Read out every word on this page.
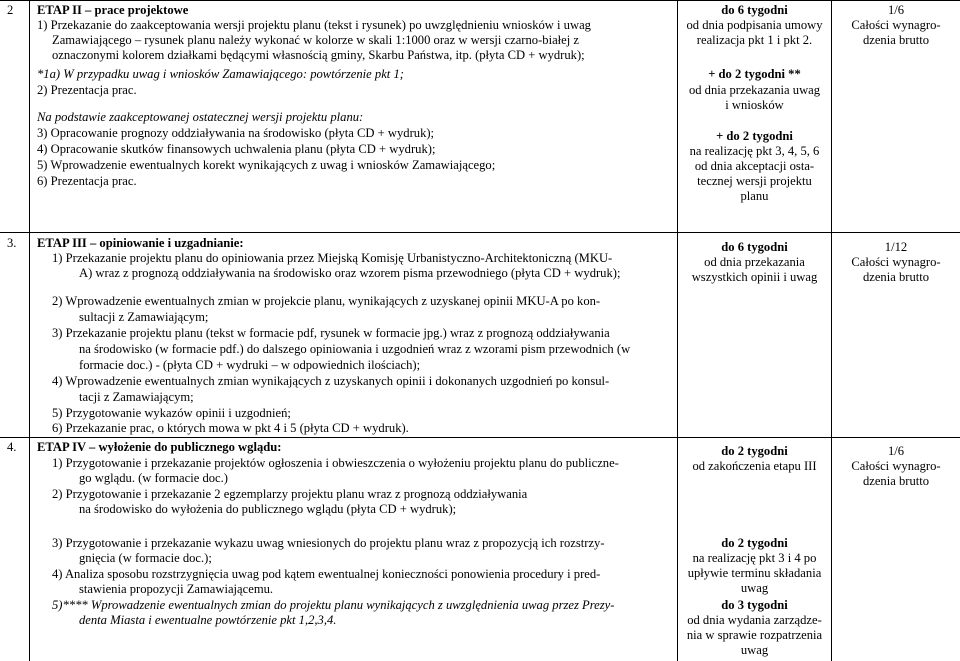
2 ETAP II – prace projektowe
1) Przekazanie do zaakceptowania wersji projektu planu (tekst i rysunek) po uwzględnieniu wniosków i uwag
Zamawiającego – rysunek planu należy wykonać w kolorze w skali 1:1000 oraz w wersji czarno-białej z
oznaczonymi kolorem działkami będącymi własnością gminy, Skarbu Państwa, itp. (płyta CD + wydruk);
*1a) W przypadku uwag i wniosków Zamawiającego: powtórzenie pkt 1;
2) Prezentacja prac.
Na podstawie zaakceptowanej ostatecznej wersji projektu planu:
3) Opracowanie prognozy oddziaływania na środowisko (płyta CD + wydruk);
4) Opracowanie skutków finansowych uchwalenia planu (płyta CD + wydruk);
5) Wprowadzenie ewentualnych korekt wynikających z uwag i wniosków Zamawiającego;
6) Prezentacja prac.
do 6 tygodni
od dnia podpisania umowy
realizacja pkt 1 i pkt 2.
+ do 2 tygodni **
od dnia przekazania uwag
i wniosków
+ do 2 tygodni
na realizację pkt 3, 4, 5, 6
od dnia akceptacji osta-
tecznej wersji projektu
planu
1/6
Całości wynagro-
dzenia brutto
3. ETAP III – opiniowanie i uzgadnianie:
1) Przekazanie projektu planu do opiniowania przez Miejską Komisję Urbanistyczno-Architektoniczną (MKU-
A) wraz z prognozą oddziaływania na środowisko oraz wzorem pisma przewodniego (płyta CD + wydruk);
2) Wprowadzenie ewentualnych zmian w projekcie planu, wynikających z uzyskanej opinii MKU-A po kon-
sultacji z Zamawiającym;
3) Przekazanie projektu planu (tekst w formacie pdf, rysunek w formacie jpg.) wraz z prognozą oddziaływania
na środowisko (w formacie pdf.) do dalszego opiniowania i uzgodnień wraz z wzorami pism przewodnich (w
formacie doc.) - (płyta CD + wydruki – w odpowiednich ilościach);
4) Wprowadzenie ewentualnych zmian wynikających z uzyskanych opinii i dokonanych uzgodnień po konsul-
tacji z Zamawiającym;
5) Przygotowanie wykazów opinii i uzgodnień;
6) Przekazanie prac, o których mowa w pkt 4 i 5 (płyta CD + wydruk).
do 6 tygodni
od dnia przekazania
wszystkich opinii i uwag
1/12
Całości wynagro-
dzenia brutto
4. ETAP IV – wyłożenie do publicznego wglądu:
1) Przygotowanie i przekazanie projektów ogłoszenia i obwieszczenia o wyłożeniu projektu planu do publiczne-
go wglądu. (w formacie doc.)
2) Przygotowanie i przekazanie 2 egzemplarzy projektu planu wraz z prognozą oddziaływania
na środowisko do wyłożenia do publicznego wglądu (płyta CD + wydruk);
3) Przygotowanie i przekazanie wykazu uwag wniesionych do projektu planu wraz z propozycją ich rozstrzy-
gnięcia (w formacie doc.);
4) Analiza sposobu rozstrzygnięcia uwag pod kątem ewentualnej konieczności ponowienia procedury i pred-
stawienia propozycji Zamawiającemu.
5)**** Wprowadzenie ewentualnych zmian do projektu planu wynikających z uwzględnienia uwag przez Prezy-
denta Miasta i ewentualne powtórzenie pkt 1,2,3,4.
do 2 tygodni
od zakończenia etapu III
do 2 tygodni
na realizację pkt 3 i 4 po
upływie terminu składania
uwag
do 3 tygodni
od dnia wydania zarządze-
nia w sprawie rozpatrzenia
uwag
1/6
Całości wynagro-
dzenia brutto
